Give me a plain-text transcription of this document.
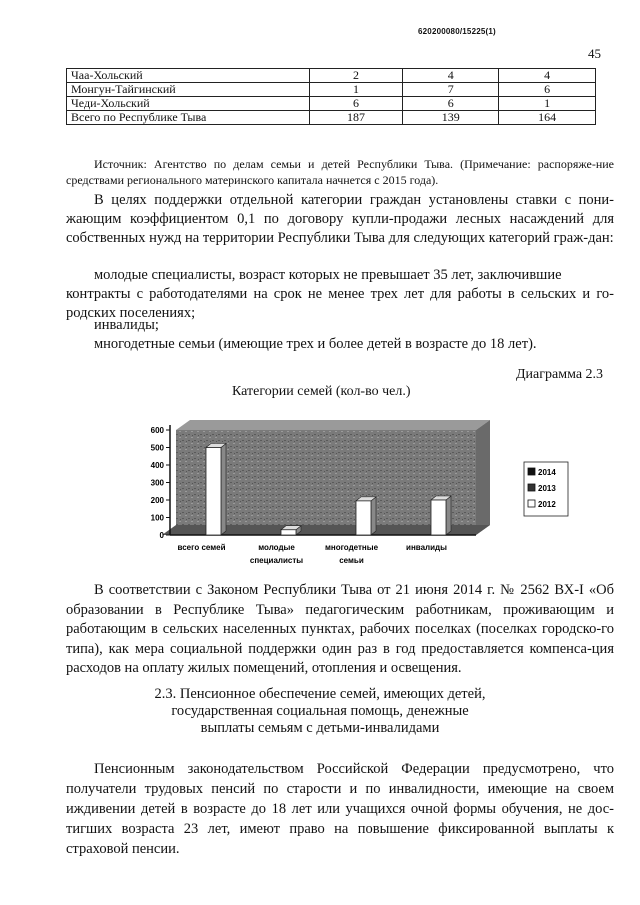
620200080/15225(1)
45
Чаа-Хольский	2	4	4
Монгун-Тайгинский	1	7	6
Чеди-Хольский	6	6	1
Всего по Республике Тыва	187	139	164

Источник: Агентство по делам семьи и детей Республики Тыва. (Примечание: распоряже-ние средствами регионального материнского капитала начнется с 2015 года).

В целях поддержки отдельной категории граждан установлены ставки с пони-жающим коэффициентом 0,1 по договору купли-продажи лесных насаждений для собственных нужд на территории Республики Тыва для следующих категорий граж-дан:

молодые специалисты, возраст которых не превышает 35 лет, заключившие

контракты с работодателями на срок не менее трех лет для работы в сельских и го-родских поселениях;

инвалиды;
многодетные семьи (имеющие трех и более детей в возрасте до 18 лет).
Диаграмма 2.3
Категории семей (кол-во чел.)
0
100
200
300
400
500
600
всего семей	молодые
специалисты
многодетные
семьи
инвалиды
2014
2013
2012

В соответствии с Законом Республики Тыва от 21 июня 2014 г. № 2562 ВХ-I «Об образовании в Республике Тыва» педагогическим работникам, проживающим и работающим в сельских населенных пунктах, рабочих поселках (поселках городско-го типа), как мера социальной поддержки один раз в год предоставляется компенса-ция расходов на оплату жилых помещений, отопления и освещения.

2.3. Пенсионное обеспечение семей, имеющих детей,
государственная социальная помощь, денежные
выплаты семьям с детьми-инвалидами

Пенсионным законодательством Российской Федерации предусмотрено, что получатели трудовых пенсий по старости и по инвалидности, имеющие на своем иждивении детей в возрасте до 18 лет или учащихся очной формы обучения, не дос-тигших возраста 23 лет, имеют право на повышение фиксированной выплаты к страховой пенсии.
